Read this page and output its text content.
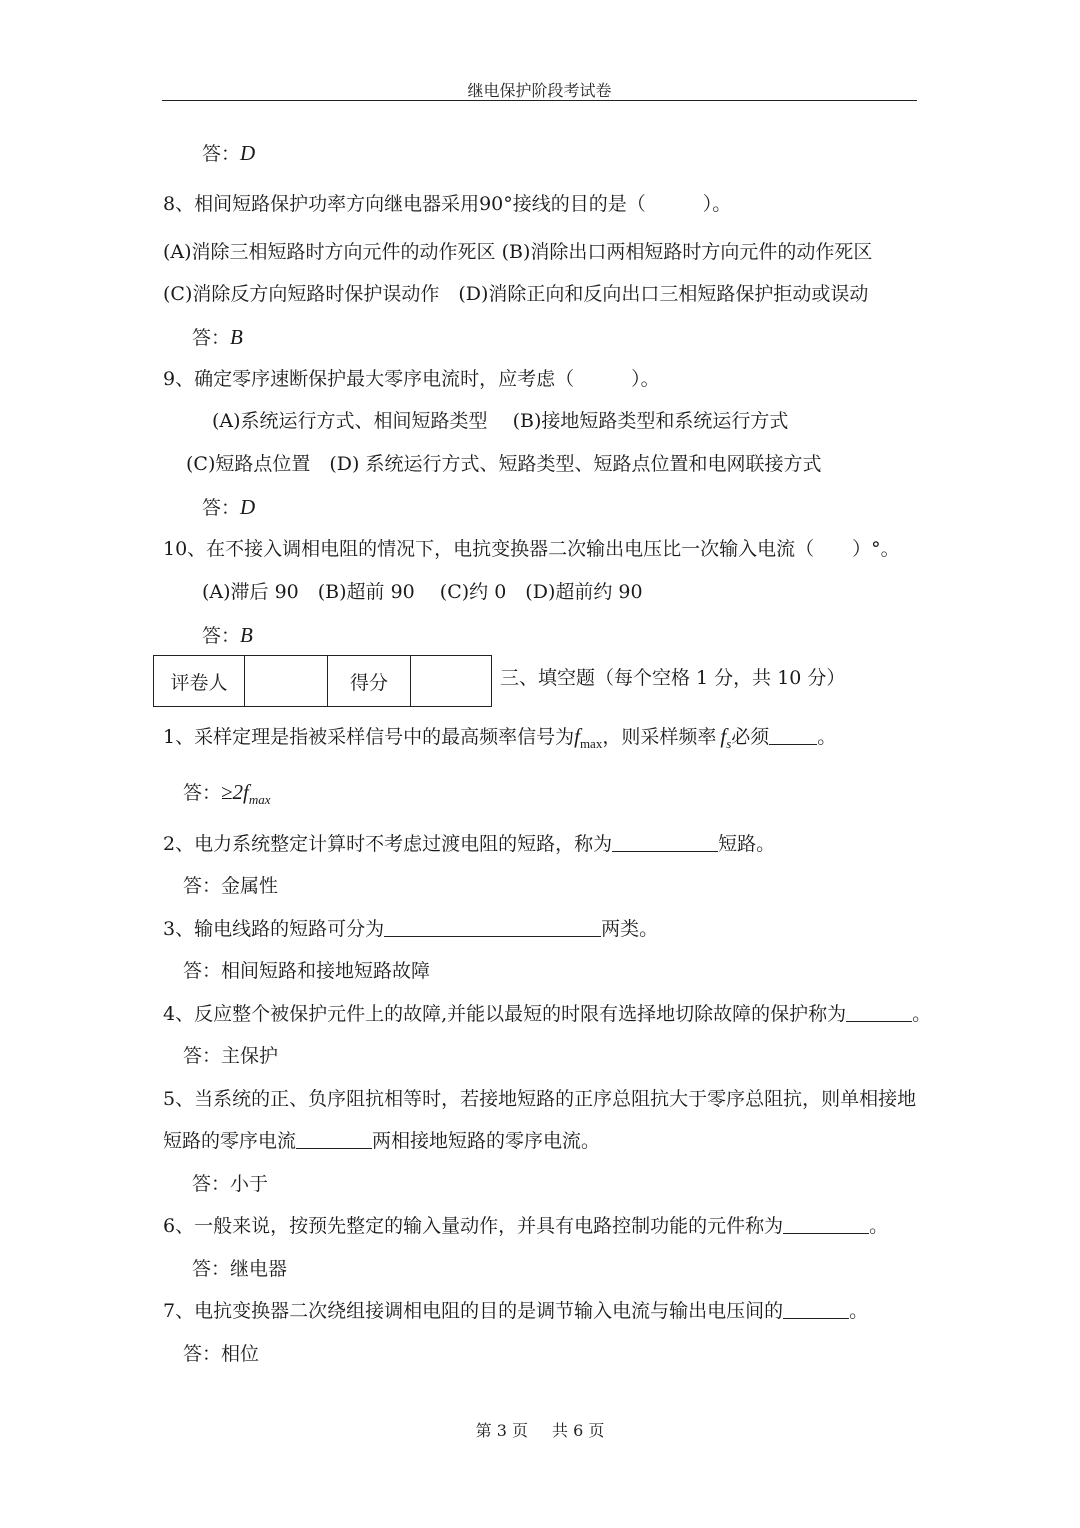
继电保护阶段考试卷
答：D
8、相间短路保护功率方向继电器采用90°接线的目的是（　　　）。
(A)消除三相短路时方向元件的动作死区 (B)消除出口两相短路时方向元件的动作死区
(C)消除反方向短路时保护误动作　(D)消除正向和反向出口三相短路保护拒动或误动
答：B
9、确定零序速断保护最大零序电流时，应考虑（　　　）。
(A)系统运行方式、相间短路类型　 (B)接地短路类型和系统运行方式
(C)短路点位置　(D) 系统运行方式、短路类型、短路点位置和电网联接方式
答：D
10、在不接入调相电阻的情况下，电抗变换器二次输出电压比一次输入电流（　　）°。
(A)滞后 90　(B)超前 90　 (C)约 0　(D)超前约 90
答：B
评卷人		得分		三、填空题（每个空格 1 分，共 10 分）
1、采样定理是指被采样信号中的最高频率信号为$f_{max}$，则采样频率 $f_s$必须	。
答：$\ge 2f_{max}$
2、电力系统整定计算时不考虑过渡电阻的短路，称为	短路。
答：金属性
3、输电线路的短路可分为	两类。
答：相间短路和接地短路故障
4、反应整个被保护元件上的故障,并能以最短的时限有选择地切除故障的保护称为	。
答：主保护
5、当系统的正、负序阻抗相等时，若接地短路的正序总阻抗大于零序总阻抗，则单相接地
短路的零序电流	两相接地短路的零序电流。
答：小于
6、一般来说，按预先整定的输入量动作，并具有电路控制功能的元件称为	。
答：继电器
7、电抗变换器二次绕组接调相电阻的目的是调节输入电流与输出电压间的	。
答：相位
第 3 页 共 6 页
